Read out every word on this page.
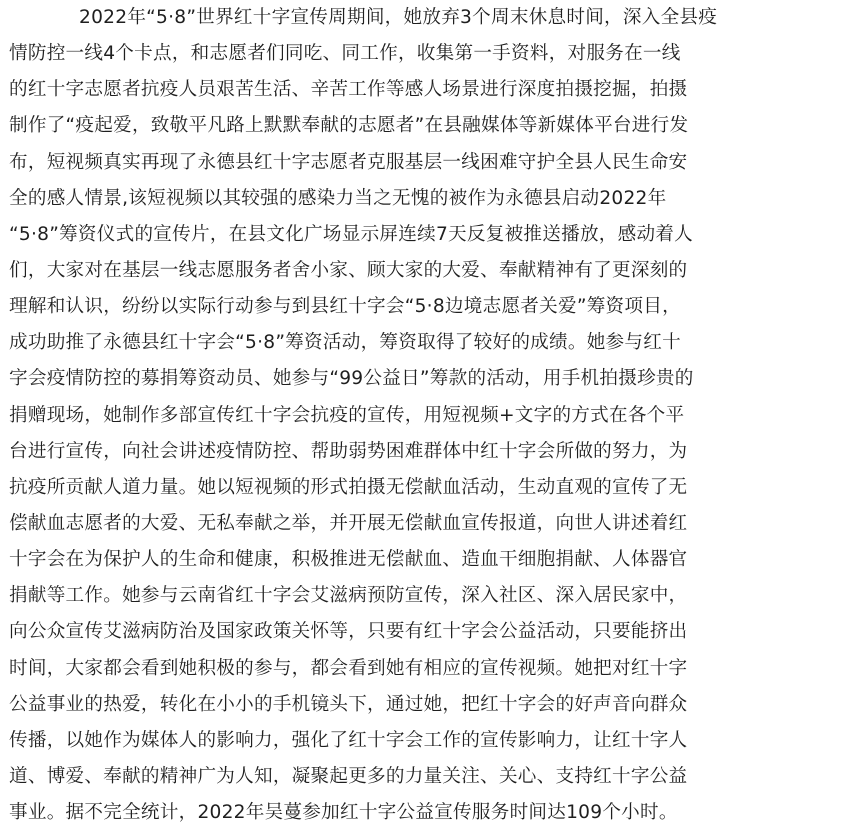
2022年“5·8”世界红十字宣传周期间，她放弃3个周末休息时间，深入全县疫
情防控一线4个卡点，和志愿者们同吃、同工作，收集第一手资料，对服务在一线
的红十字志愿者抗疫人员艰苦生活、辛苦工作等感人场景进行深度拍摄挖掘，拍摄
制作了“疫起爱，致敬平凡路上默默奉献的志愿者”在县融媒体等新媒体平台进行发
布，短视频真实再现了永德县红十字志愿者克服基层一线困难守护全县人民生命安
全的感人情景,该短视频以其较强的感染力当之无愧的被作为永德县启动2022年
“5·8”筹资仪式的宣传片，在县文化广场显示屏连续7天反复被推送播放，感动着人
们，大家对在基层一线志愿服务者舍小家、顾大家的大爱、奉献精神有了更深刻的
理解和认识，纷纷以实际行动参与到县红十字会“5·8边境志愿者关爱”筹资项目，
成功助推了永德县红十字会“5·8”筹资活动，筹资取得了较好的成绩。她参与红十
字会疫情防控的募捐筹资动员、她参与“99公益日”筹款的活动，用手机拍摄珍贵的
捐赠现场，她制作多部宣传红十字会抗疫的宣传，用短视频+文字的方式在各个平
台进行宣传，向社会讲述疫情防控、帮助弱势困难群体中红十字会所做的努力，为
抗疫所贡献人道力量。她以短视频的形式拍摄无偿献血活动，生动直观的宣传了无
偿献血志愿者的大爱、无私奉献之举，并开展无偿献血宣传报道，向世人讲述着红
十字会在为保护人的生命和健康，积极推进无偿献血、造血干细胞捐献、人体器官
捐献等工作。她参与云南省红十字会艾滋病预防宣传，深入社区、深入居民家中，
向公众宣传艾滋病防治及国家政策关怀等，只要有红十字会公益活动，只要能挤出
时间，大家都会看到她积极的参与，都会看到她有相应的宣传视频。她把对红十字
公益事业的热爱，转化在小小的手机镜头下，通过她，把红十字会的好声音向群众
传播，以她作为媒体人的影响力，强化了红十字会工作的宣传影响力，让红十字人
道、博爱、奉献的精神广为人知，凝聚起更多的力量关注、关心、支持红十字公益
事业。据不完全统计，2022年吴蔓参加红十字公益宣传服务时间达109个小时。
